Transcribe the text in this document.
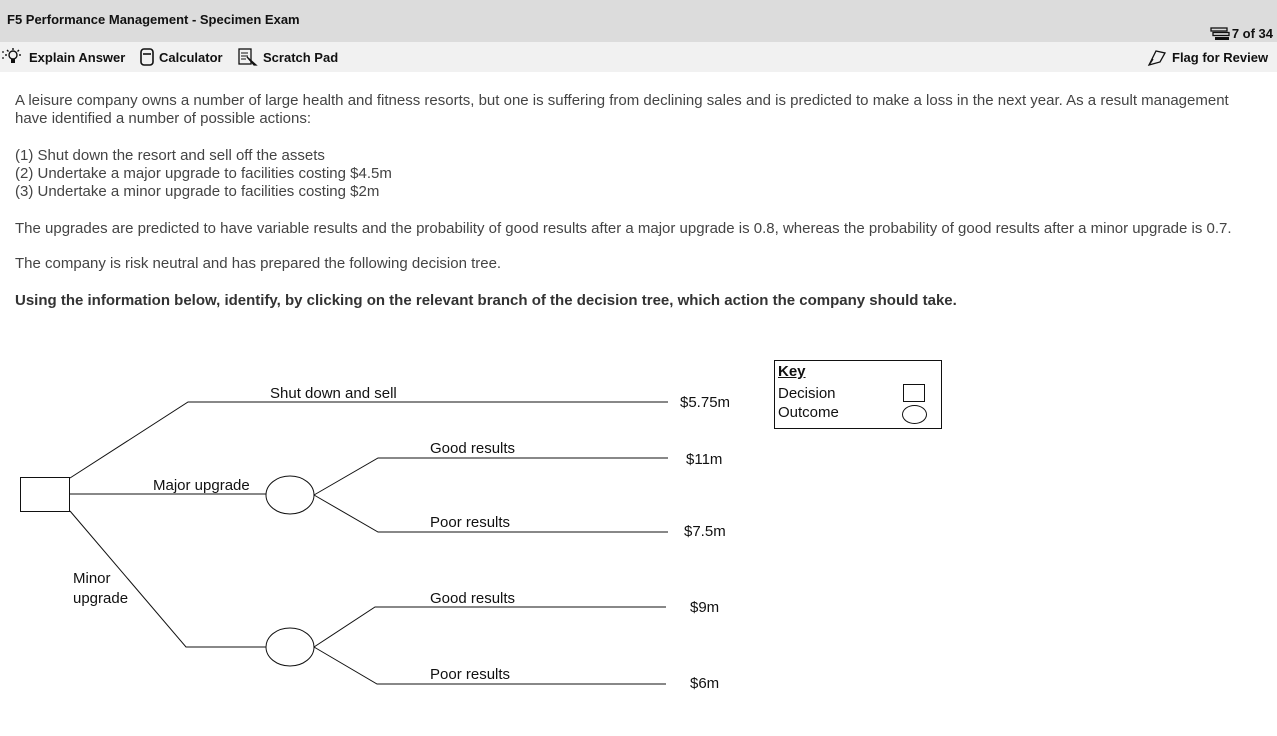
F5 Performance Management - Specimen Exam
7 of 34
Explain Answer	Calculator	Scratch Pad	Flag for Review

A leisure company owns a number of large health and fitness resorts, but one is suffering from declining sales and is predicted to make a loss in the next year. As a result management have identified a number of possible actions:

(1) Shut down the resort and sell off the assets
(2) Undertake a major upgrade to facilities costing $4.5m
(3) Undertake a minor upgrade to facilities costing $2m

The upgrades are predicted to have variable results and the probability of good results after a major upgrade is 0.8, whereas the probability of good results after a minor upgrade is 0.7.

The company is risk neutral and has prepared the following decision tree.

Using the information below, identify, by clicking on the relevant branch of the decision tree, which action the company should take.

Shut down and sell
Major upgrade
Minor
upgrade
Good results
Poor results
Good results
Poor results
$5.75m
$11m
$7.5m
$9m
$6m
Key
Decision
Outcome
